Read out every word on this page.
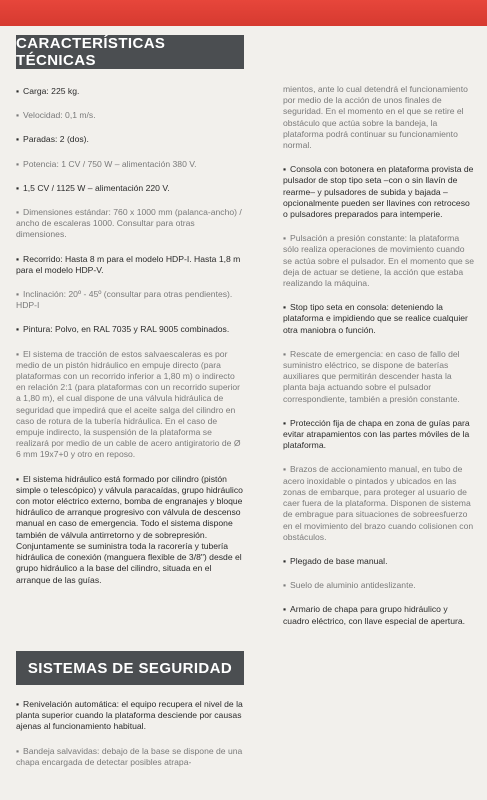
CARACTERÍSTICAS TÉCNICAS
▪ Carga: 225 kg.
▪ Velocidad: 0,1 m/s.
▪ Paradas: 2 (dos).
▪ Potencia: 1 CV / 750 W – alimentación 380 V.
▪ 1,5 CV / 1125 W – alimentación 220 V.
▪ Dimensiones estándar: 760 x 1000 mm (palanca-ancho) / ancho de escaleras 1000. Consultar para otras dimensiones.
▪ Recorrido: Hasta 8 m para el modelo HDP-I. Hasta 1,8 m para el modelo HDP-V.
▪ Inclinación: 20º - 45º (consultar para otras pendientes). HDP-I
▪ Pintura: Polvo, en RAL 7035 y RAL 9005 combinados.
▪ El sistema de tracción de estos salvaescaleras es por medio de un pistón hidráulico en empuje directo (para plataformas con un recorrido inferior a 1,80 m) o indirecto en relación 2:1 (para plataformas con un recorrido superior a 1,80 m), el cual dispone de una válvula hidráulica de seguridad que impedirá que el aceite salga del cilindro en caso de rotura de la tubería hidráulica. En el caso de empuje indirecto, la suspensión de la plataforma se realizará por medio de un cable de acero antigiratorio de Ø 6 mm 19x7+0 y otro en reposo.
▪ El sistema hidráulico está formado por cilindro (pistón simple o telescópico) y válvula paracaídas, grupo hidráulico con motor eléctrico externo, bomba de engranajes y bloque hidráulico de arranque progresivo con válvula de descenso manual en caso de emergencia. Todo el sistema dispone también de válvula antirretorno y de sobrepresión. Conjuntamente se suministra toda la racorería y tubería hidráulica de conexión (manguera flexible de 3/8") desde el grupo hidráulico a la base del cilindro, situada en el arranque de las guías.
SISTEMAS DE SEGURIDAD
▪ Renivelación automática: el equipo recupera el nivel de la planta superior cuando la plataforma desciende por causas ajenas al funcionamiento habitual.
▪ Bandeja salvavidas: debajo de la base se dispone de una chapa encargada de detectar posibles atrapa-
mientos, ante lo cual detendrá el funcionamiento por medio de la acción de unos finales de seguridad. En el momento en el que se retire el obstáculo que actúa sobre la bandeja, la plataforma podrá continuar su funcionamiento normal.
▪ Consola con botonera en plataforma provista de pulsador de stop tipo seta –con o sin llavín de rearme– y pulsadores de subida y bajada –opcionalmente pueden ser llavines con retroceso o pulsadores preparados para intemperie.
▪ Pulsación a presión constante: la plataforma sólo realiza operaciones de movimiento cuando se actúa sobre el pulsador. En el momento que se deja de actuar se detiene, la acción que estaba realizando la máquina.
▪ Stop tipo seta en consola: deteniendo la plataforma e impidiendo que se realice cualquier otra maniobra o función.
▪ Rescate de emergencia: en caso de fallo del suministro eléctrico, se dispone de baterías auxiliares que permitirán descender hasta la planta baja actuando sobre el pulsador correspondiente, también a presión constante.
▪ Protección fija de chapa en zona de guías para evitar atrapamientos con las partes móviles de la plataforma.
▪ Brazos de accionamiento manual, en tubo de acero inoxidable o pintados y ubicados en las zonas de embarque, para proteger al usuario de caer fuera de la plataforma. Disponen de sistema de embrague para situaciones de sobreesfuerzo en el movimiento del brazo cuando colisionen con obstáculos.
▪ Plegado de base manual.
▪ Suelo de aluminio antideslizante.
▪ Armario de chapa para grupo hidráulico y cuadro eléctrico, con llave especial de apertura.
